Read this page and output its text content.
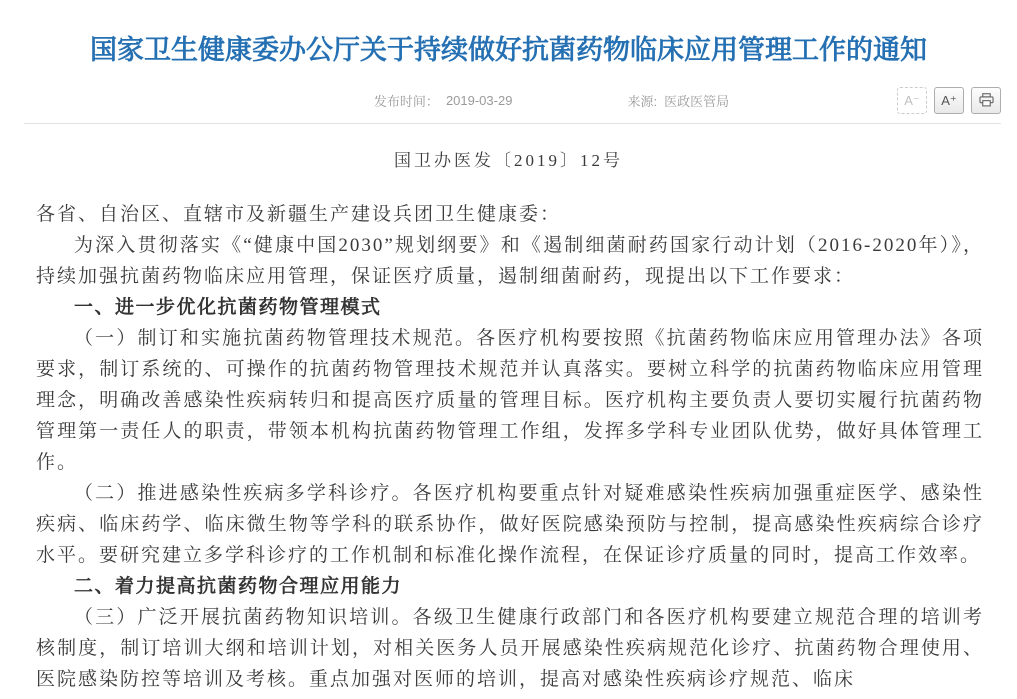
国家卫生健康委办公厅关于持续做好抗菌药物临床应用管理工作的通知
发布时间： 2019-03-29	来源: 医政医管局	A⁻	A⁺
国卫办医发〔2019〕12号

各省、自治区、直辖市及新疆生产建设兵团卫生健康委：

为深入贯彻落实《“健康中国2030”规划纲要》和《遏制细菌耐药国家行动计划（2016-2020年）》，持续加强抗菌药物临床应用管理，保证医疗质量，遏制细菌耐药，现提出以下工作要求：

一、进一步优化抗菌药物管理模式

（一）制订和实施抗菌药物管理技术规范。各医疗机构要按照《抗菌药物临床应用管理办法》各项要求，制订系统的、可操作的抗菌药物管理技术规范并认真落实。要树立科学的抗菌药物临床应用管理理念，明确改善感染性疾病转归和提高医疗质量的管理目标。医疗机构主要负责人要切实履行抗菌药物管理第一责任人的职责，带领本机构抗菌药物管理工作组，发挥多学科专业团队优势，做好具体管理工作。

（二）推进感染性疾病多学科诊疗。各医疗机构要重点针对疑难感染性疾病加强重症医学、感染性疾病、临床药学、临床微生物等学科的联系协作，做好医院感染预防与控制，提高感染性疾病综合诊疗水平。要研究建立多学科诊疗的工作机制和标准化操作流程，在保证诊疗质量的同时，提高工作效率。

二、着力提高抗菌药物合理应用能力

（三）广泛开展抗菌药物知识培训。各级卫生健康行政部门和各医疗机构要建立规范合理的培训考核制度，制订培训大纲和培训计划，对相关医务人员开展感染性疾病规范化诊疗、抗菌药物合理使用、医院感染防控等培训及考核。重点加强对医师的培训，提高对感染性疾病诊疗规范、临床
